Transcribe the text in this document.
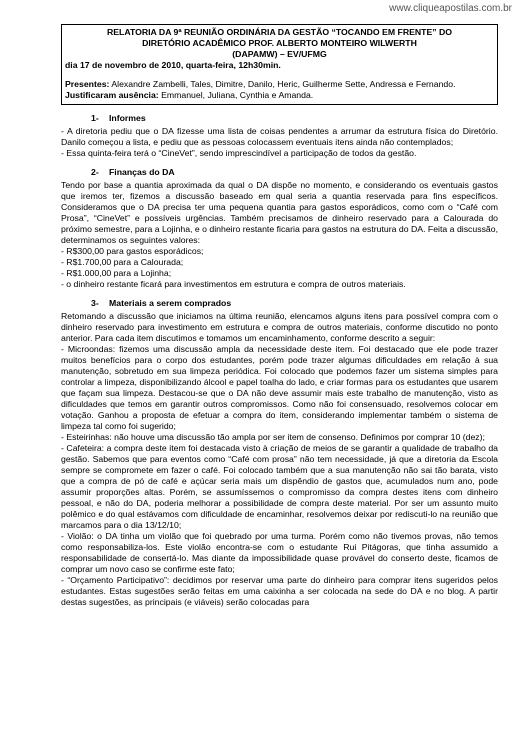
www.cliqueapostilas.com.br
RELATORIA DA 9ª REUNIÃO ORDINÁRIA DA GESTÃO “TOCANDO EM FRENTE” DO
DIRETÓRIO ACADÊMICO PROF. ALBERTO MONTEIRO WILWERTH
(DAPAMW) – EV/UFMG
dia 17 de novembro de 2010, quarta-feira, 12h30min.
Presentes: Alexandre Zambelli, Tales, Dimitre, Danilo, Heric, Guilherme Sette, Andressa e Fernando.
Justificaram ausência: Emmanuel, Juliana, Cynthia e Amanda.
1- Informes

- A diretoria pediu que o DA fizesse uma lista de coisas pendentes a arrumar da estrutura física do Diretório. Danilo começou a lista, e pediu que as pessoas colocassem eventuais itens ainda não contemplados;

- Essa quinta-feira terá o “CineVet”, sendo imprescindível a participação de todos da gestão.

2- Finanças do DA

Tendo por base a quantia aproximada da qual o DA dispõe no momento, e considerando os eventuais gastos que iremos ter, fizemos a discussão baseado em qual seria a quantia reservada para fins específicos. Consideramos que o DA precisa ter uma pequena quantia para gastos esporádicos, como com o “Café com Prosa”, “CineVet” e possíveis urgências. Também precisamos de dinheiro reservado para a Calourada do próximo semestre, para a Lojinha, e o dinheiro restante ficaria para gastos na estrutura do DA. Feita a discussão, determinamos os seguintes valores:

- R$300,00 para gastos esporádicos;

- R$1.700,00 para a Calourada;

- R$1.000,00 para a Lojinha;

- o dinheiro restante ficará para investimentos em estrutura e compra de outros materiais.

3- Materiais a serem comprados

Retomando a discussão que iniciamos na última reunião, elencamos alguns itens para possível compra com o dinheiro reservado para investimento em estrutura e compra de outros materiais, conforme discutido no ponto anterior. Para cada item discutimos e tomamos um encaminhamento, conforme descrito a seguir:

- Microondas: fizemos uma discussão ampla da necessidade deste item. Foi destacado que ele pode trazer muitos benefícios para o corpo dos estudantes, porém pode trazer algumas dificuldades em relação à sua manutenção, sobretudo em sua limpeza periódica. Foi colocado que podemos fazer um sistema simples para controlar a limpeza, disponibilizando álcool e papel toalha do lado, e criar formas para os estudantes que usarem que façam sua limpeza. Destacou-se que o DA não deve assumir mais este trabalho de manutenção, visto as dificuldades que temos em garantir outros compromissos. Como não foi consensuado, resolvemos colocar em votação. Ganhou a proposta de efetuar a compra do item, considerando implementar também o sistema de limpeza tal como foi sugerido;

- Esteirinhas: não houve uma discussão tão ampla por ser item de consenso. Definimos por comprar 10 (dez);

- Cafeteira: a compra deste item foi destacada visto à criação de meios de se garantir a qualidade de trabalho da gestão. Sabemos que para eventos como “Café com prosa” não tem necessidade, já que a diretoria da Escola sempre se compromete em fazer o café. Foi colocado também que a sua manutenção não sai tão barata, visto que a compra de pó de café e açúcar seria mais um dispêndio de gastos que, acumulados num ano, pode assumir proporções altas. Porém, se assumíssemos o compromisso da compra destes itens com dinheiro pessoal, e não do DA, poderia melhorar a possibilidade de compra deste material. Por ser um assunto muito polêmico e do qual estávamos com dificuldade de encaminhar, resolvemos deixar por rediscuti-lo na reunião que marcamos para o dia 13/12/10;

- Violão: o DA tinha um violão que foi quebrado por uma turma. Porém como não tivemos provas, não temos como responsabiliza-los. Este violão encontra-se com o estudante Rui Pitágoras, que tinha assumido a responsabilidade de consertá-lo. Mas diante da impossibilidade quase provável do conserto deste, ficamos de comprar um novo caso se confirme este fato;

- “Orçamento Participativo”: decidimos por reservar uma parte do dinheiro para comprar itens sugeridos pelos estudantes. Estas sugestões serão feitas em uma caixinha a ser colocada na sede do DA e no blog. A partir destas sugestões, as principais (e viáveis) serão colocadas para
